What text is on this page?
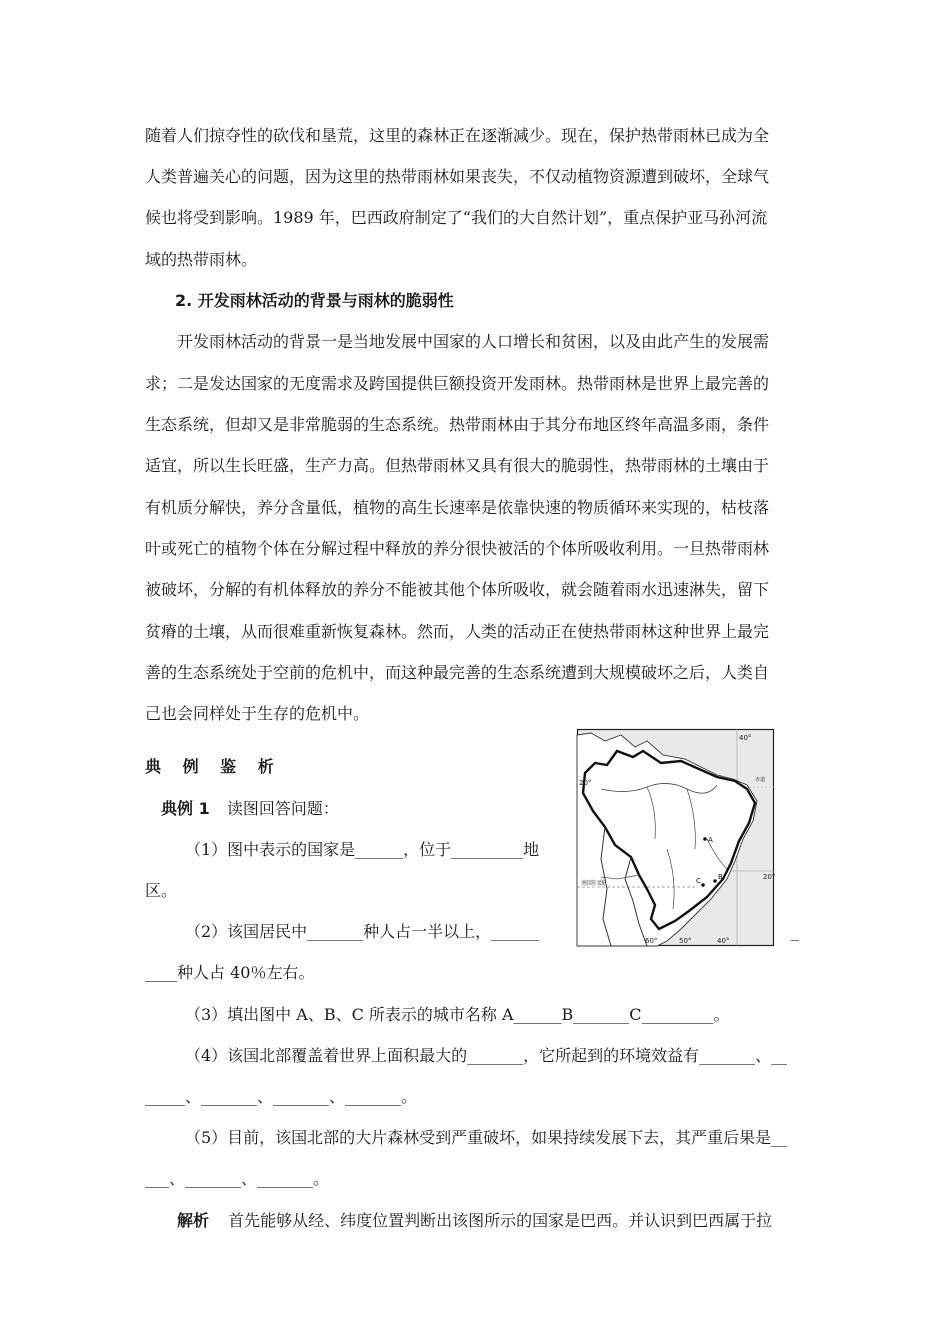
随着人们掠夺性的砍伐和垦荒，这里的森林正在逐渐减少。现在，保护热带雨林已成为全
人类普遍关心的问题，因为这里的热带雨林如果丧失，不仅动植物资源遭到破坏，全球气
候也将受到影响。1989 年，巴西政府制定了“我们的大自然计划”，重点保护亚马孙河流
域的热带雨林。
2. 开发雨林活动的背景与雨林的脆弱性
开发雨林活动的背景一是当地发展中国家的人口增长和贫困，以及由此产生的发展需
求；二是发达国家的无度需求及跨国提供巨额投资开发雨林。热带雨林是世界上最完善的
生态系统，但却又是非常脆弱的生态系统。热带雨林由于其分布地区终年高温多雨，条件
适宜，所以生长旺盛，生产力高。但热带雨林又具有很大的脆弱性，热带雨林的土壤由于
有机质分解快，养分含量低，植物的高生长速率是依靠快速的物质循环来实现的，枯枝落
叶或死亡的植物个体在分解过程中释放的养分很快被活的个体所吸收利用。一旦热带雨林
被破坏，分解的有机体释放的养分不能被其他个体所吸收，就会随着雨水迅速淋失，留下
贫瘠的土壤，从而很难重新恢复森林。然而，人类的活动正在使热带雨林这种世界上最完
善的生态系统处于空前的危机中，而这种最完善的生态系统遭到大规模破坏之后，人类自
己也会同样处于生存的危机中。
典 例 鉴 析
典例 1 读图回答问题：
（1）图中表示的国家是______，位于_________地
区。
（2）该国居民中_______种人占一半以上，______	_
____种人占 40％左右。
（3）填出图中 A、B、C 所表示的城市名称 A______B_______C_________。
（4）该国北部覆盖着世界上面积最大的_______，它所起到的环境效益有_______、__
_____、_______、_______、_______。
（5）目前，该国北部的大片森林受到严重破坏，如果持续发展下去，其严重后果是__
___、_______、_______。
解析 首先能够从经、纬度位置判断出该图所示的国家是巴西。并认识到巴西属于拉
40°
20°
20°
50°
60°	40°
南回归线
A
B
C
赤道
